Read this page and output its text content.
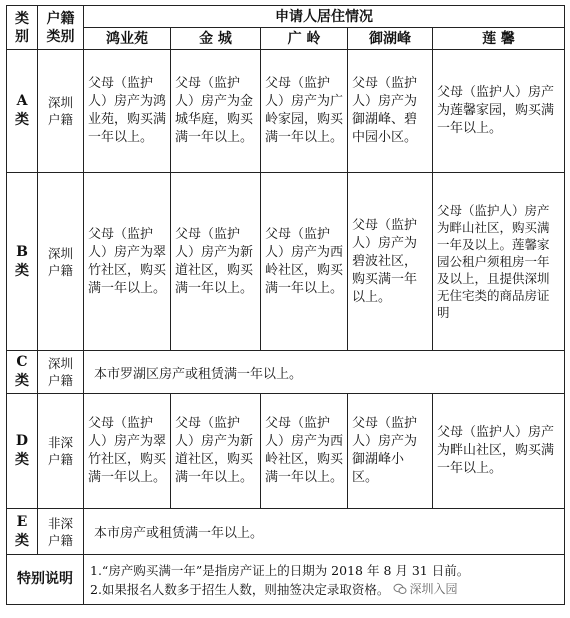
类别	户籍类别	申请人居住情况				
		鸿业苑	金 城	广 岭	御湖峰	莲 馨

A类	深圳户籍	父母（监护人）房产为鸿业苑，购买满一年以上。	父母（监护人）房产为金城华庭，购买满一年以上。	父母（监护人）房产为广岭家园，购买满一年以上。	父母（监护人）房产为御湖峰、碧中园小区。	父母（监护人）房产为莲馨家园，购买满一年以上。

B类	深圳户籍	父母（监护人）房产为翠竹社区，购买满一年以上。	父母（监护人）房产为新道社区，购买满一年以上。	父母（监护人）房产为西岭社区，购买满一年以上。	父母（监护人）房产为碧波社区，购买满一年以上。	父母（监护人）房产为畔山社区，购买满一年及以上。莲馨家园公租户须租房一年及以上，且提供深圳无住宅类的商品房证明

C类	深圳户籍	本市罗湖区房产或租赁满一年以上。				

D类	非深户籍	父母（监护人）房产为翠竹社区，购买满一年以上。	父母（监护人）房产为新道社区，购买满一年以上。	父母（监护人）房产为西岭社区，购买满一年以上。	父母（监护人）房产为御湖峰小区。	父母（监护人）房产为畔山社区，购买满一年以上。

E类	非深户籍	本市房产或租赁满一年以上。				

特别说明		1.“房产购买满一年”是指房产证上的日期为 2018 年 8 月 31 日前。
2.如果报名人数多于招生人数，则抽签决定录取资格。 深圳入园				
